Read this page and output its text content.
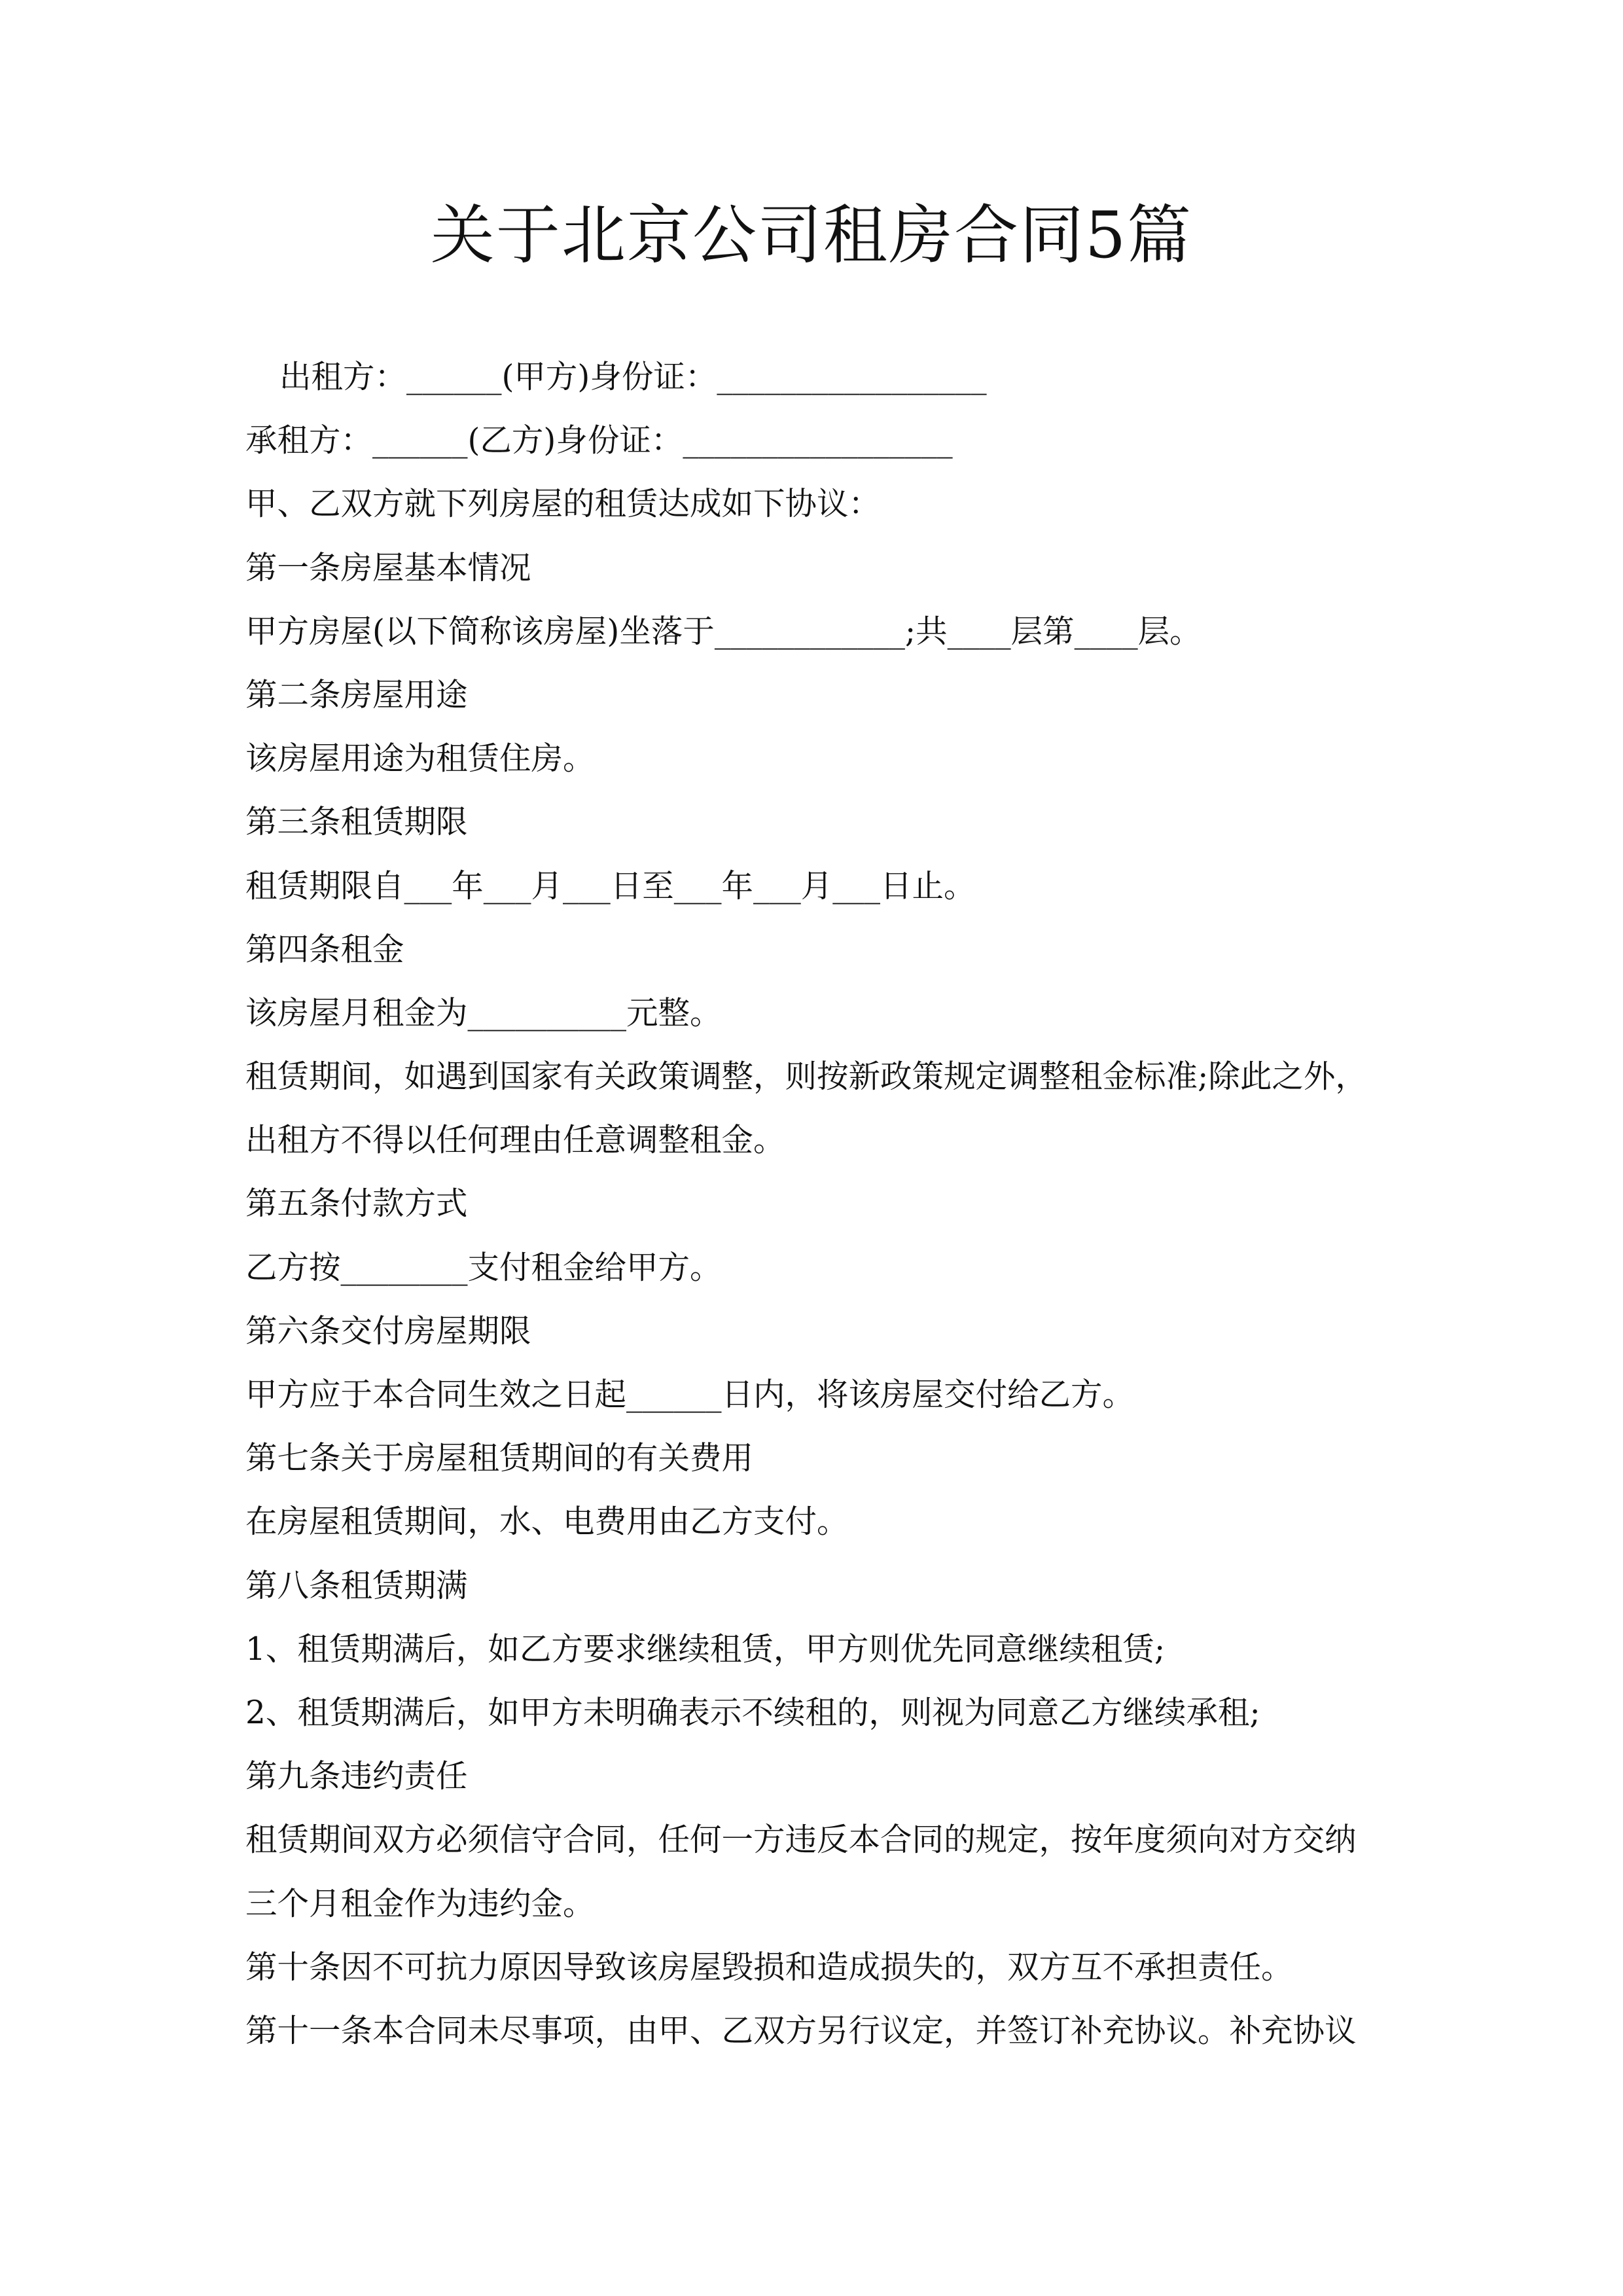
关于北京公司租房合同5篇
出租方：______(甲方)身份证：_________________
承租方：______(乙方)身份证：_________________
甲、乙双方就下列房屋的租赁达成如下协议：
第一条房屋基本情况
甲方房屋(以下简称该房屋)坐落于____________;共____层第____层。
第二条房屋用途
该房屋用途为租赁住房。
第三条租赁期限
租赁期限自___年___月___日至___年___月___日止。
第四条租金
该房屋月租金为__________元整。
租赁期间，如遇到国家有关政策调整，则按新政策规定调整租金标准;除此之外，
出租方不得以任何理由任意调整租金。
第五条付款方式
乙方按________支付租金给甲方。
第六条交付房屋期限
甲方应于本合同生效之日起______日内，将该房屋交付给乙方。
第七条关于房屋租赁期间的有关费用
在房屋租赁期间，水、电费用由乙方支付。
第八条租赁期满
1、租赁期满后，如乙方要求继续租赁，甲方则优先同意继续租赁;
2、租赁期满后，如甲方未明确表示不续租的，则视为同意乙方继续承租;
第九条违约责任
租赁期间双方必须信守合同，任何一方违反本合同的规定，按年度须向对方交纳
三个月租金作为违约金。
第十条因不可抗力原因导致该房屋毁损和造成损失的，双方互不承担责任。
第十一条本合同未尽事项，由甲、乙双方另行议定，并签订补充协议。补充协议
